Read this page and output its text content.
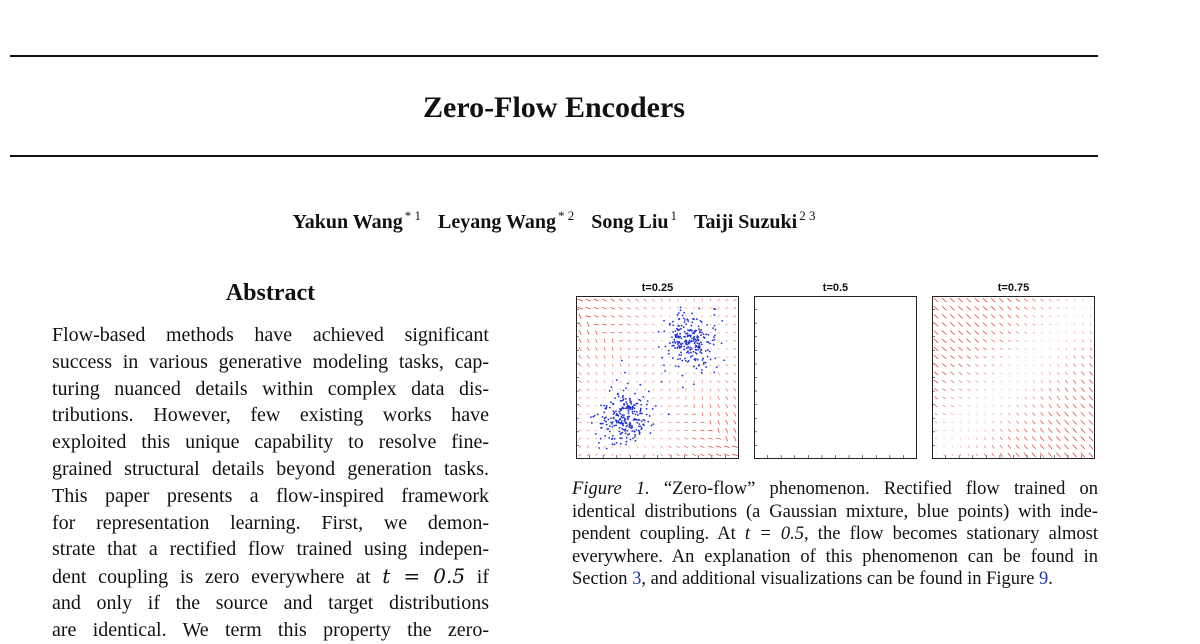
Zero-Flow Encoders
Yakun Wang $^{* 1}$ Leyang Wang $^{* 2}$ Song Liu $^1$ Taiji Suzuki $^{2 3}$
Abstract
Flow-based methods have achieved significant
success in various generative modeling tasks, cap-
turing nuanced details within complex data dis-
tributions. However, few existing works have
exploited this unique capability to resolve fine-
grained structural details beyond generation tasks.
This paper presents a flow-inspired framework
for representation learning. First, we demon-
strate that a rectified flow trained using indepen-
dent coupling is zero everywhere at t = 0.5 if
and only if the source and target distributions
are identical. We term this property the zero-
t=0.25	t=0.5	t=0.75
Figure 1. “Zero-flow” phenomenon. Rectified flow trained on
identical distributions (a Gaussian mixture, blue points) with inde-
pendent coupling. At t = 0.5, the flow becomes stationary almost
everywhere. An explanation of this phenomenon can be found in
Section 3, and additional visualizations can be found in Figure 9.
